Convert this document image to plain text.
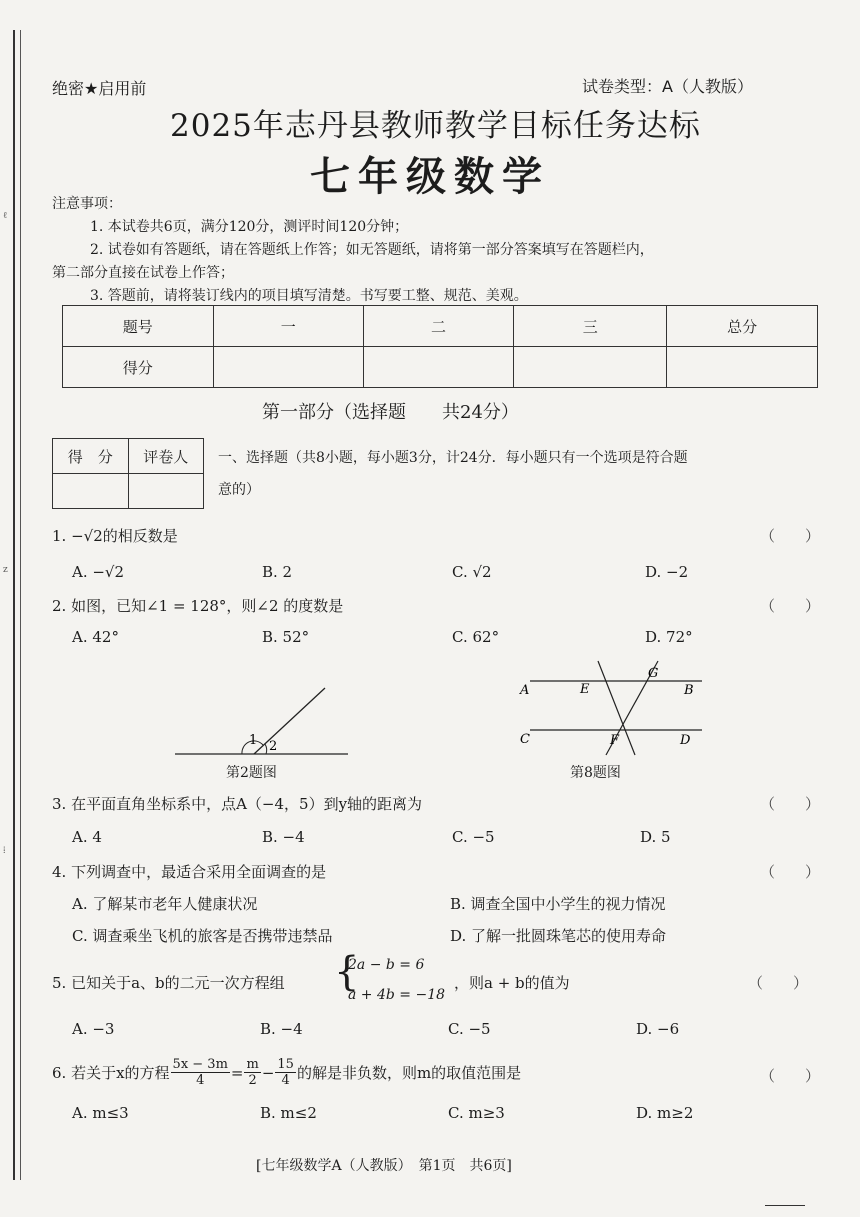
ℓ
z
⁞
绝密★启用前	试卷类型：A（人教版）
2025年志丹县教师教学目标任务达标
七年级数学
注意事项：
1. 本试卷共6页，满分120分，测评时间120分钟；
2. 试卷如有答题纸，请在答题纸上作答；如无答题纸，请将第一部分答案填写在答题栏内，
第二部分直接在试卷上作答；
3. 答题前，请将装订线内的项目填写清楚。书写要工整、规范、美观。
题号	一	二	三	总分
得分				
第一部分（选择题　　共24分）
得　分	评卷人
	一、选择题（共8小题，每小题3分，计24分．每小题只有一个选项是符合题
意的）
1. −√2的相反数是	（　　）
A. −√2	B. 2	C. √2	D. −2
2. 如图，已知∠1 = 128°，则∠2 的度数是	（　　）
A. 42°	B. 52°	C. 62°	D. 72°
1 2
第2题图
A	E
G
B
C	F	D
第8题图
3. 在平面直角坐标系中，点A（−4，5）到y轴的距离为	（　　）
A. 4	B. −4	C. −5	D. 5
4. 下列调查中，最适合采用全面调查的是	（　　）
A. 了解某市老年人健康状况	B. 调查全国中小学生的视力情况
C. 调查乘坐飞机的旅客是否携带违禁品	D. 了解一批圆珠笔芯的使用寿命
5. 已知关于a、b的二元一次方程组 {
2a − b = 6
a + 4b = −18
，则a + b的值为	（　　）
A. −3	B. −4	C. −5	D. −6
6. 若关于x的方程 $\frac{5x - 3m}{4} = \frac{m}{2} - \frac{15}{4}$ 的解是非负数，则m的取值范围是	（　　）
A. m≤3	B. m≤2	C. m≥3	D. m≥2
[七年级数学A（人教版）　第1页　共6页]
